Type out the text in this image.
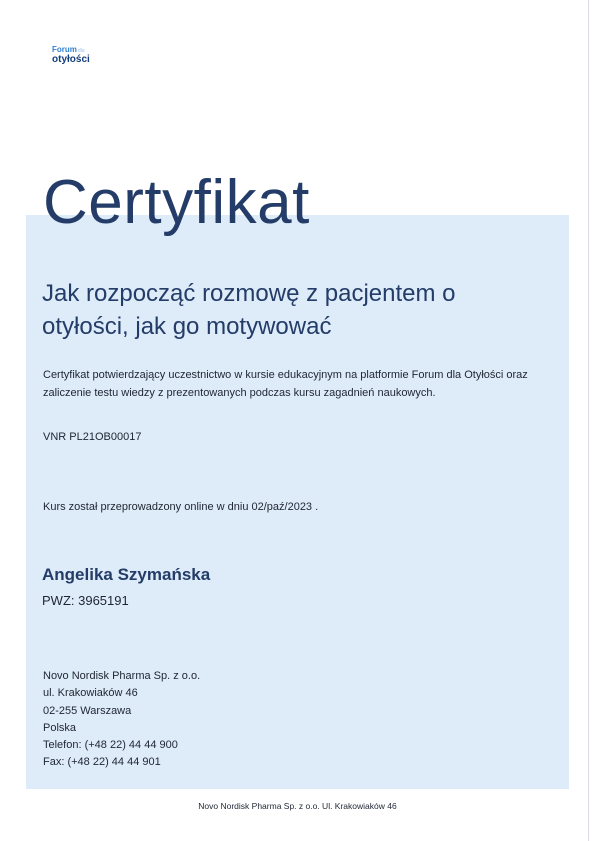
Forumdla
otyłości
Certyfikat
Jak rozpocząć rozmowę z pacjentem o otyłości, jak go motywować

Certyfikat potwierdzający uczestnictwo w kursie edukacyjnym na platformie Forum dla Otyłości oraz zaliczenie testu wiedzy z prezentowanych podczas kursu zagadnień naukowych.

VNR PL21OB00017
Kurs został przeprowadzony online w dniu 02/paź/2023 .
Angelika Szymańska
PWZ: 3965191
Novo Nordisk Pharma Sp. z o.o.
ul. Krakowiaków 46
02-255 Warszawa
Polska
Telefon: (+48 22) 44 44 900
Fax: (+48 22) 44 44 901
Novo Nordisk Pharma Sp. z o.o. Ul. Krakowiaków 46
